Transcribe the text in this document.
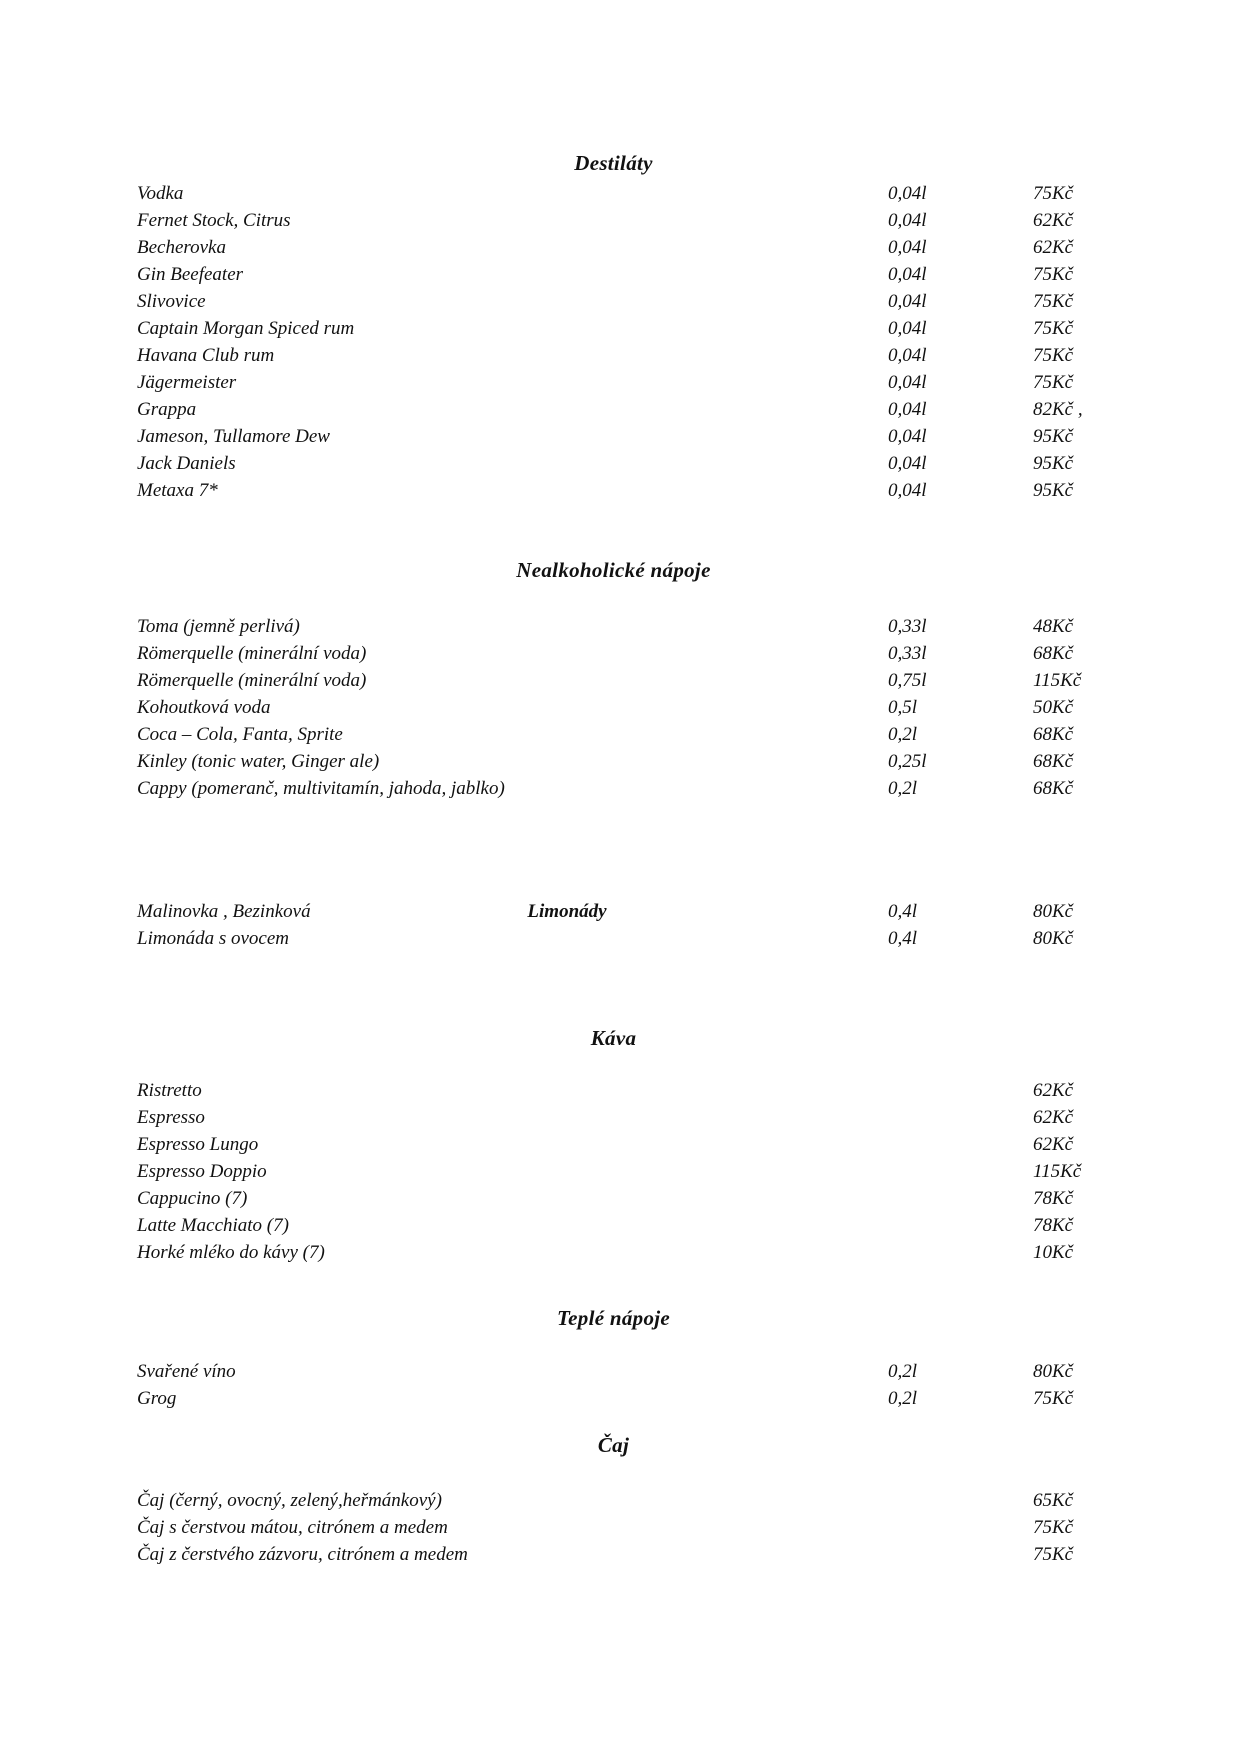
Destiláty
Vodka	0,04l	75Kč
Fernet Stock, Citrus	0,04l	62Kč
Becherovka	0,04l	62Kč
Gin Beefeater	0,04l	75Kč
Slivovice	0,04l	75Kč
Captain Morgan Spiced rum	0,04l	75Kč
Havana Club rum	0,04l	75Kč
Jägermeister	0,04l	75Kč
Grappa	0,04l	82Kč ,
Jameson, Tullamore Dew	0,04l	95Kč
Jack Daniels	0,04l	95Kč
Metaxa 7*	0,04l	95Kč
Nealkoholické nápoje
Toma (jemně perlivá)	0,33l	48Kč
Römerquelle (minerální voda)	0,33l	68Kč
Römerquelle (minerální voda)	0,75l	115Kč
Kohoutková voda	0,5l	50Kč
Coca – Cola, Fanta, Sprite	0,2l	68Kč
Kinley (tonic water, Ginger ale)	0,25l	68Kč
Cappy (pomeranč, multivitamín, jahoda, jablko)	0,2l	68Kč
Malinovka , Bezinková	0,4l	80Kč
Limonády
Limonáda s ovocem	0,4l	80Kč
Káva
Ristretto	62Kč
Espresso	62Kč
Espresso Lungo	62Kč
Espresso Doppio	115Kč
Cappucino (7)	78Kč
Latte Macchiato (7)	78Kč
Horké mléko do kávy (7)	10Kč
Teplé nápoje
Svařené víno	0,2l	80Kč
Grog	0,2l	75Kč
Čaj
Čaj (černý, ovocný, zelený,heřmánkový)	65Kč
Čaj s čerstvou mátou, citrónem a medem	75Kč
Čaj z čerstvého zázvoru, citrónem a medem	75Kč
